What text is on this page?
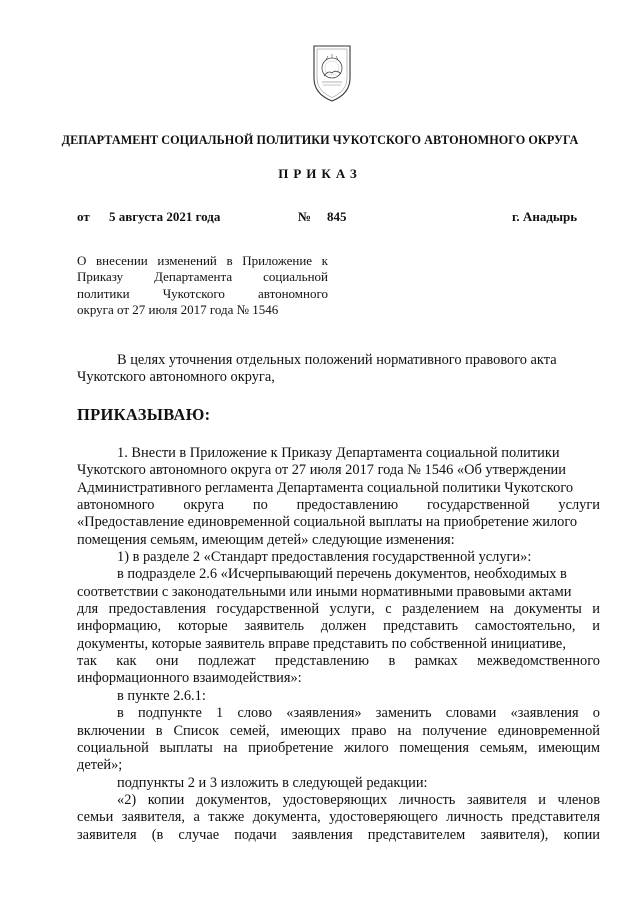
ДЕПАРТАМЕНТ СОЦИАЛЬНОЙ ПОЛИТИКИ ЧУКОТСКОГО АВТОНОМНОГО ОКРУГА
ПРИКАЗ
от 5 августа 2021 года	№ 845	г. Анадырь
О внесении изменений в Приложение к
Приказу Департамента социальной
политики Чукотского автономного
округа от 27 июля 2017 года № 1546
В целях уточнения отдельных положений нормативного правового акта
Чукотского автономного округа,
ПРИКАЗЫВАЮ:
1. Внести в Приложение к Приказу Департамента социальной политики
Чукотского автономного округа от 27 июля 2017 года № 1546 «Об утверждении
Административного регламента Департамента социальной политики Чукотского
автономного округа по предоставлению государственной услуги
«Предоставление единовременной социальной выплаты на приобретение жилого
помещения семьям, имеющим детей» следующие изменения:
1) в разделе 2 «Стандарт предоставления государственной услуги»:
в подразделе 2.6 «Исчерпывающий перечень документов, необходимых в
соответствии с законодательными или иными нормативными правовыми актами
для предоставления государственной услуги, с разделением на документы и
информацию, которые заявитель должен представить самостоятельно, и
документы, которые заявитель вправе представить по собственной инициативе,
так как они подлежат представлению в рамках межведомственного
информационного взаимодействия»:
в пункте 2.6.1:
в подпункте 1 слово «заявления» заменить словами «заявления о
включении в Список семей, имеющих право на получение единовременной
социальной выплаты на приобретение жилого помещения семьям, имеющим
детей»;
подпункты 2 и 3 изложить в следующей редакции:
«2) копии документов, удостоверяющих личность заявителя и членов
семьи заявителя, а также документа, удостоверяющего личность представителя
заявителя (в случае подачи заявления представителем заявителя), копии
